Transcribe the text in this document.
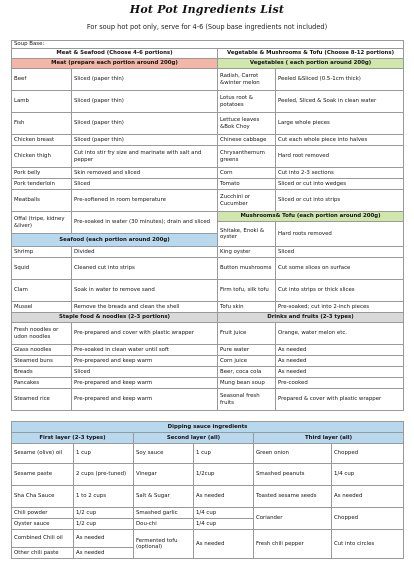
Hot Pot Ingredients List
For soup hot pot only, serve for 4-6 (Soup base ingredients not included)
Soup Base:			
Meat & Seafood (Choose 4-6 portions)		Vegetable & Mushrooms & Tofu (Choose 8-12 portions)	
Meat (prepare each portion around 200g)		Vegetables ( each portion around 200g)	
Beef	Sliced (paper thin)	Radish, Carrot &winter melon	Peeled &Sliced (0.5-1cm thick)
Lamb	Sliced (paper thin)	Lotus root & potatoes	Peeled, Sliced & Soak in clean water
Fish	Sliced (paper thin)	Lettuce leaves &Bok Choy	Large whole pieces
Chicken breast	Sliced (paper thin)	Chinese cabbage	Cut each whole piece into halves
Chicken thigh	Cut into stir fry size and marinate with salt and pepper	Chrysanthemum greens	Hard root removed
Pork belly	Skin removed and sliced	Corn	Cut into 2-3 sections
Pork tenderloin	Sliced	Tomato	Sliced or cut into wedges
Meatballs	Pre-softened in room temperature	Zucchini or Cucumber	Sliced or cut into strips
Offal (tripe, kidney &liver)	Pre-soaked in water (30 minutes); drain and sliced	Mushrooms& Tofu (each portion around 200g)	
		Shitake, Enoki & oyster	Hard roots removed
Seafood (each portion around 200g)			
Shrimp	Divided	King oyster	Sliced
Squid	Cleaned cut into strips	Button mushrooms	Cut some slices on surface
Clam	Soak in water to remove sand	Firm tofu, silk tofu	Cut into strips or thick slices
Mussel	Remove the breads and clean the shell	Tofu skin	Pre-soaked; cut into 2-inch pieces
Staple food & noodles (2-3 portions)		Drinks and fruits (2-3 types)	
Fresh noodles or udon noodles	Pre-prepared and cover with plastic wrapper	Fruit juice	Orange, water melon etc.
Glass noodles	Pre-soaked in clean water until soft	Pure water	As needed
Steamed buns	Pre-prepared and keep warm	Corn juice	As needed
Breads	Sliced	Beer, coca cola	As needed
Pancakes	Pre-prepared and keep warm	Mung bean soup	Pre-cooked
Steamed rice	Pre-prepared and keep warm	Seasonal fresh fruits	Prepared & cover with plastic wrapper
Dipping sauce ingredients					
First layer (2-3 types)		Second layer (all)		Third layer (all)	
Sesame (olive) oil	1 cup	Soy sauce	1 cup	Green onion	Chopped
Sesame paste	2 cups (pre-tuned)	Vinegar	1/2cup	Smashed peanuts	1/4 cup
Sha Cha Sauce	1 to 2 cups	Salt & Sugar	As needed	Toasted sesame seeds	As needed
Chili powder	1/2 cup	Smashed garlic	1/4 cup	Coriander	Chopped
Oyster sauce	1/2 cup	Dou-chi	1/4 cup		
Combined Chili oil	As needed	Fermented tofu (optional)	As needed	Fresh chili pepper	Cut into circles
Other chili paste	As needed				
